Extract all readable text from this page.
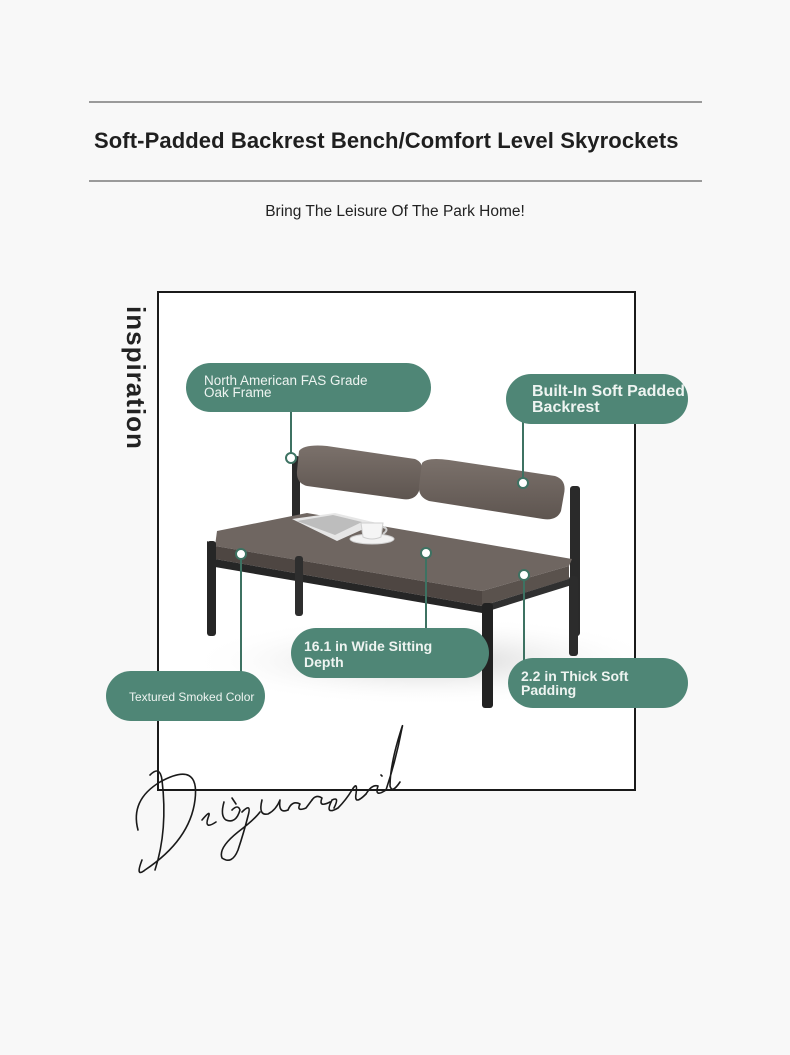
Soft-Padded Backrest Bench/Comfort Level Skyrockets
Bring The Leisure Of The Park Home!
inspiration	North American FAS Grade
Oak Frame	Built-In Soft Padded
Backrest
16.1 in Wide Sitting
Depth
2.2 in Thick Soft
Padding
Textured Smoked Color
